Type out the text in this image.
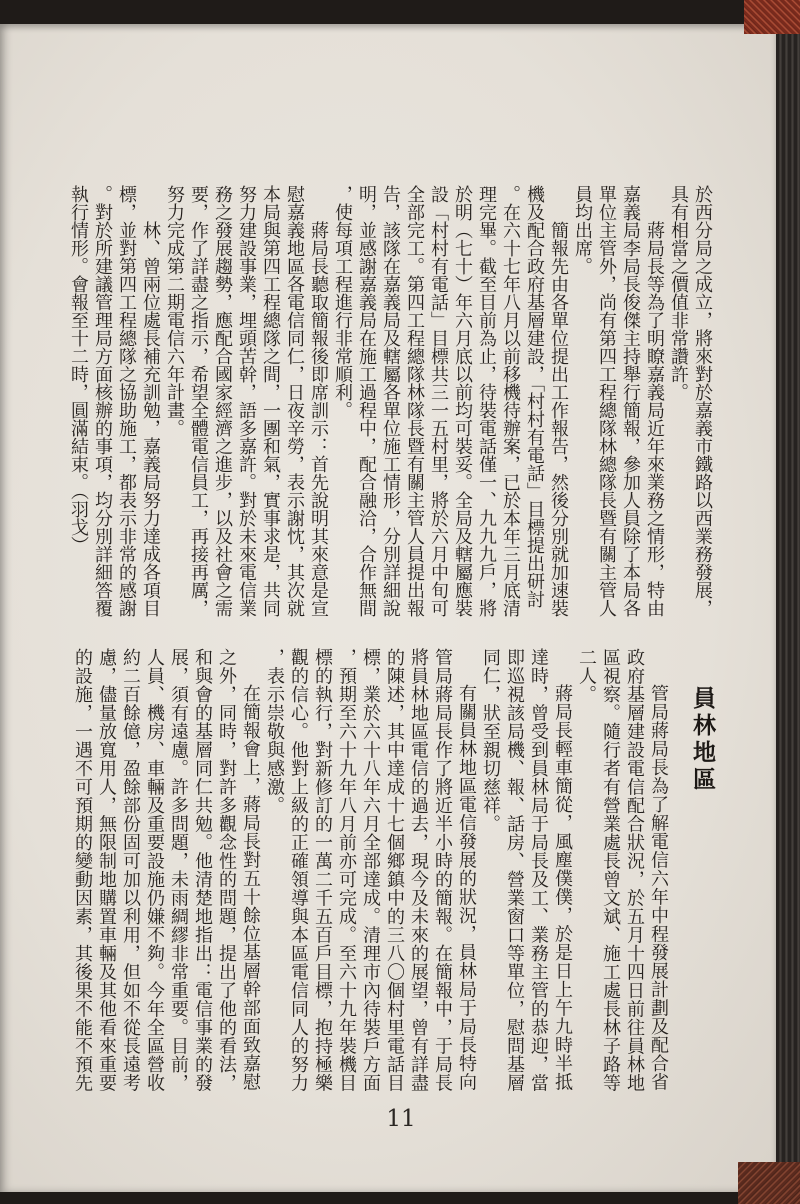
於西分局之成立，將來對於嘉義市鐵路以西業務發展，
具有相當之價值非常讚許。
蔣局長等為了明瞭嘉義局近年來業務之情形，特由
嘉義局李局長俊傑主持舉行簡報，參加人員除了本局各
單位主管外，尚有第四工程總隊林總隊長暨有關主管人
員均出席。
簡報先由各單位提出工作報告，然後分別就加速裝
機及配合政府基層建設，「村村有電話」目標提出研討
。在六十七年八月以前移機待辦案，已於本年三月底清
理完畢。截至目前為止，待裝電話僅一、九九九戶，將
於明（七十）年六月底以前均可裝妥。全局及轄屬應裝
設「村村有電話」目標共三一五村里，將於六月中旬可
全部完工。第四工程總隊林隊長暨有關主管人員提出報
告，該隊在嘉義局及轄屬各單位施工情形，分別詳細說
明，並感謝嘉義局在施工過程中，配合融洽，合作無間
，使每項工程進行非常順利。
蔣局長聽取簡報後即席訓示：首先說明其來意是宣
慰嘉義地區各電信同仁，日夜辛勞，表示謝忱，其次就
本局與第四工程總隊之間，一團和氣，實事求是，共同
努力建設事業，埋頭苦幹，語多嘉許。對於未來電信業
務之發展趨勢，應配合國家經濟之進步，以及社會之需
要，作了詳盡之指示，希望全體電信員工，再接再厲，
努力完成第二期電信六年計畫。
林、曾兩位處長補充訓勉，嘉義局努力達成各項目
標，並對第四工程總隊之協助施工，都表示非常的感謝
。對於所建議管理局方面核辦的事項，均分別詳細答覆
執行情形。會報至十二時，圓滿結束。（羽戈）
員林地區
管局蔣局長為了解電信六年中程發展計劃及配合省
政府基層建設電信配合狀況，於五月十四日前往員林地
區視察。隨行者有營業處長曾文斌、施工處長林子路等
二人。
蔣局長輕車簡從，風塵僕僕，於是日上午九時半抵
達時，曾受到員林局于局長及工、業務主管的恭迎，當
即巡視該局機、報、話房、營業窗口等單位，慰問基層
同仁，狀至親切慈祥。
有關員林地區電信發展的狀況，員林局于局長特向
管局蔣局長作了將近半小時的簡報。在簡報中，于局長
將員林地區電信的過去，現今及未來的展望，曾有詳盡
的陳述，其中達成十七個鄉鎮中的三八〇個村里電話目
標，業於六十八年六月全部達成。清理市內待裝戶方面
，預期至六十九年八月前亦可完成。至六十九年裝機目
標的執行，對新修訂的一萬二千五百戶目標，抱持極樂
觀的信心。他對上級的正確領導與本區電信同人的努力
，表示崇敬與感激。
在簡報會上，蔣局長對五十餘位基層幹部面致嘉慰
之外，同時，對許多觀念性的問題，提出了他的看法，
和與會的基層同仁共勉。他清楚地指出：電信事業的發
展，須有遠慮。許多問題，未雨綢繆非常重要。目前，
人員、機房、車輛及重要設施仍嫌不夠。今年全區營收
約二百餘億，盈餘部份固可加以利用，但如不從長遠考
慮，儘量放寬用人，無限制地購置車輛及其他看來重要
的設施，一遇不可預期的變動因素，其後果不能不預先
11
